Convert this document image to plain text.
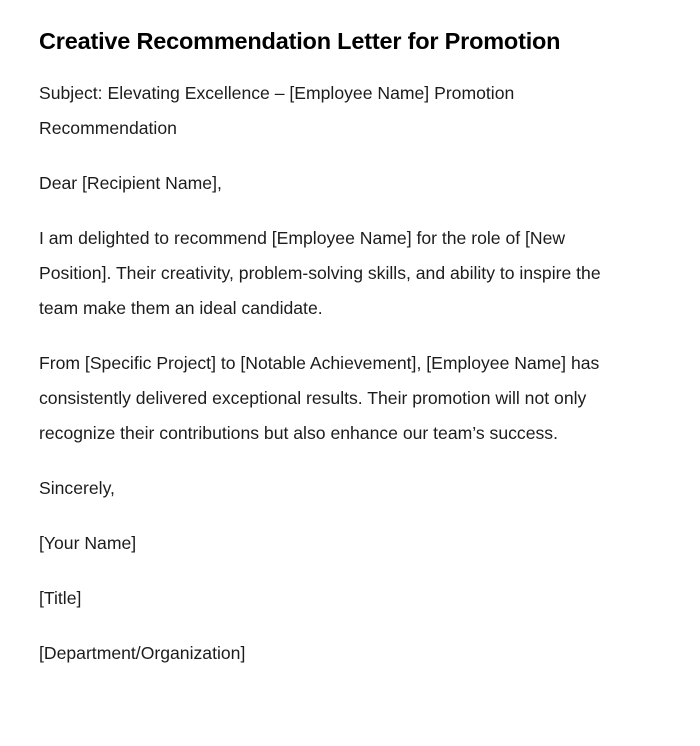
Creative Recommendation Letter for Promotion

Subject: Elevating Excellence – [Employee Name] Promotion Recommendation

Dear [Recipient Name],

I am delighted to recommend [Employee Name] for the role of [New Position]. Their creativity, problem-solving skills, and ability to inspire the team make them an ideal candidate.

From [Specific Project] to [Notable Achievement], [Employee Name] has consistently delivered exceptional results. Their promotion will not only recognize their contributions but also enhance our team’s success.

Sincerely,

[Your Name]

[Title]

[Department/Organization]
